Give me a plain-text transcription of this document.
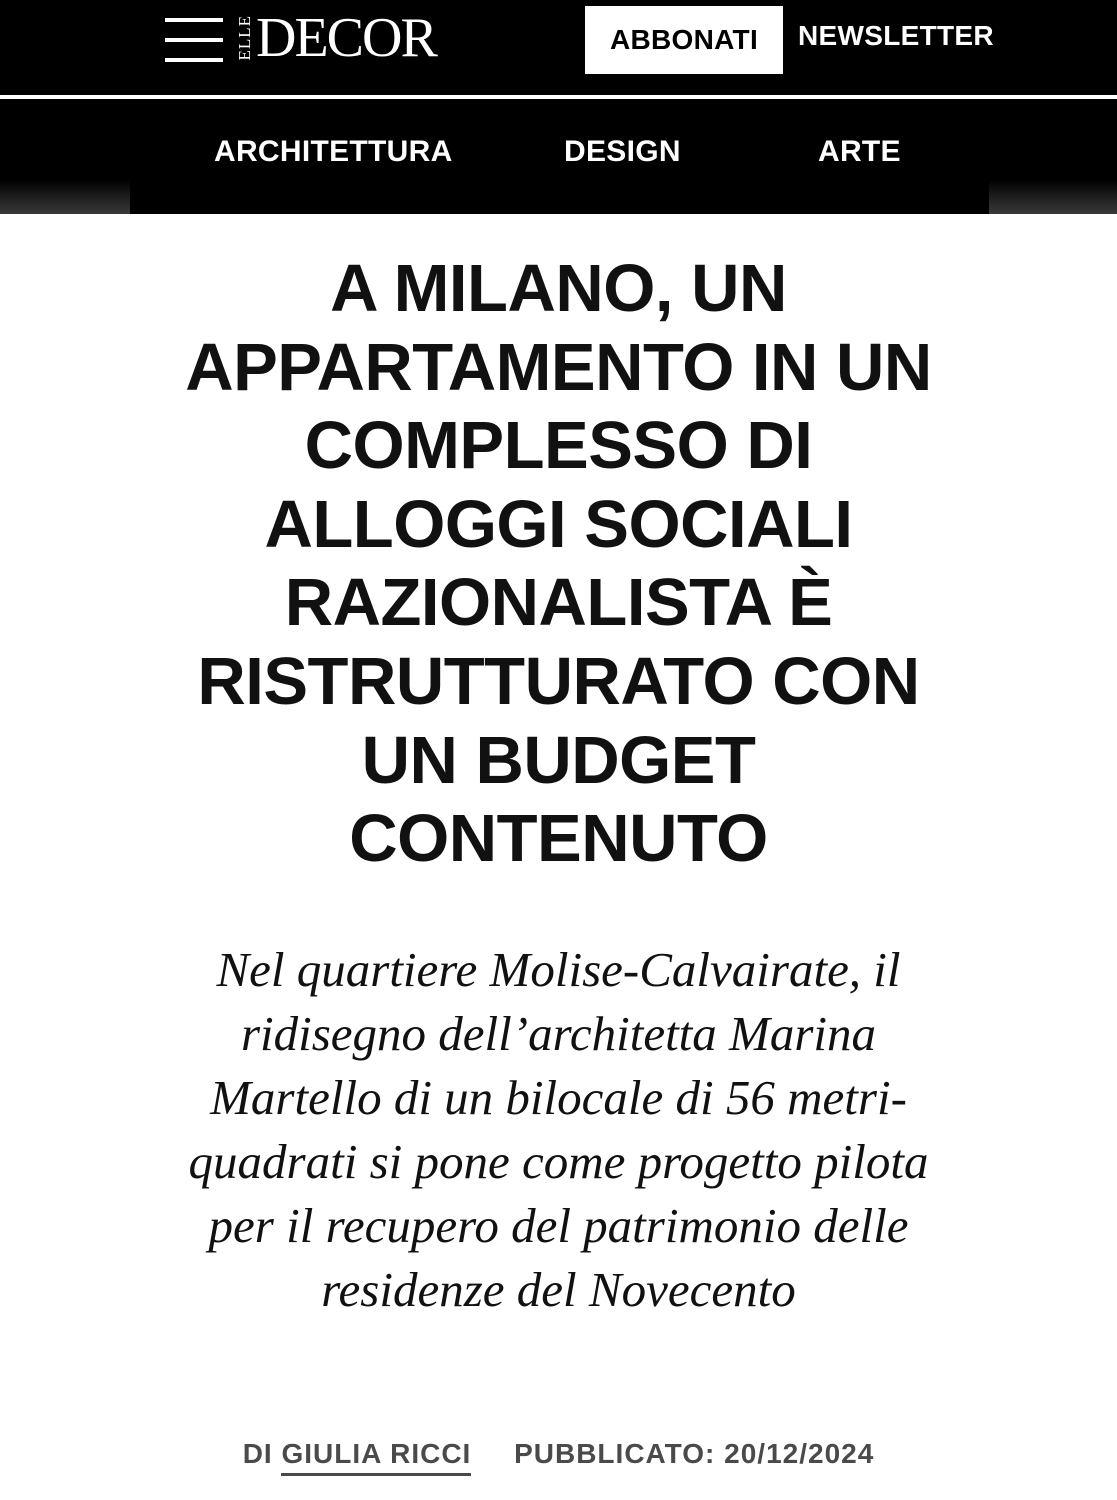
ELLE DECOR	ABBONATI	NEWSLETTER
ARCHITETTURA	DESIGN	ARTE
A MILANO, UN APPARTAMENTO IN UN COMPLESSO DI ALLOGGI SOCIALI RAZIONALISTA È RISTRUTTURATO CON UN BUDGET CONTENUTO

Nel quartiere Molise-Calvairate, il ridisegno dell’architetta Marina Martello di un bilocale di 56 metri-quadrati si pone come progetto pilota per il recupero del patrimonio delle residenze del Novecento

DI GIULIA RICCI PUBBLICATO: 20/12/2024
